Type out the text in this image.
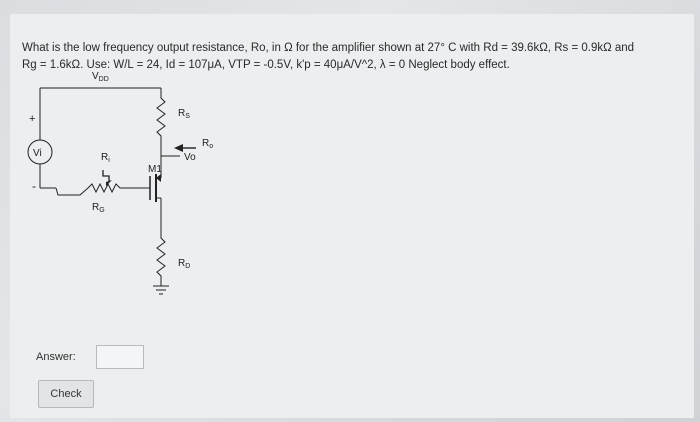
What is the low frequency output resistance, Ro, in Ω for the amplifier shown at 27° C with Rd = 39.6kΩ, Rs = 0.9kΩ and

Rg = 1.6kΩ. Use: W/L = 24, Id = 107μA, VTP = -0.5V, k'p = 40μA/V^2, λ = 0 Neglect body effect.

$V_{DD}$
+
Vi
-
$R_i$
$R_G$
M1
$R_S$
$R_o$
Vo
$R_D$
Answer:
Check
